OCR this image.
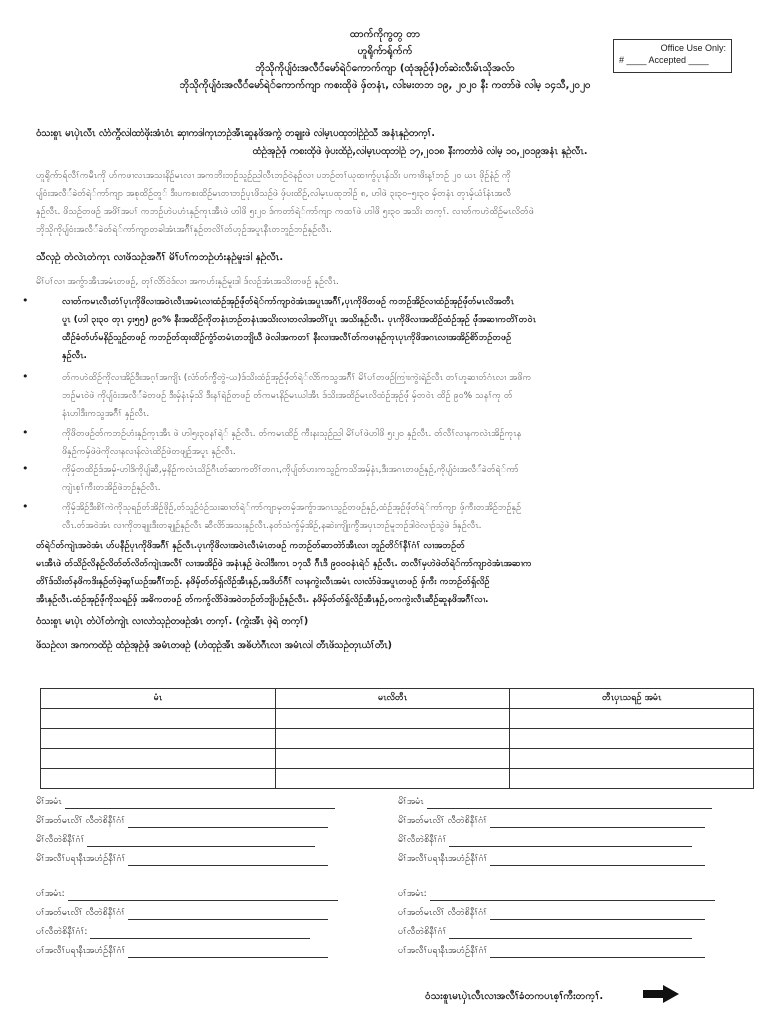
Office Use Only:
# ____ Accepted ____
ထာက်ကိုကွတ္ တာ
ဟူရိုက်ာရ်ုက်က်
ဘိုသိုကိုပျ်၀ံးအလီ်ံမော်ရဲ်ကောက်ကျာ (ထုံအုဉ်ဖ်ုံ)တ်ဆဲးလီးမ်ၤသိုအလ်ာ
ဘိုသိုကိုပျ်၀ံးအလီ်ံမော်ရဲ်ကောက်ကျာ ကစးထိုဖဲ ဖှ်တနံၤ, လါးမးတဘ ၁၉, ၂၀၂၀ နီး ကတာ်ဖဲ လါမ့ ၁၄သီ,၂၀၂၀
ဝံသးစူၤ မၤပှဲၤလီၤ လံာ်ကွ်ိလါထာ်ဖိုးအံၤဝံၤ ဆှၢကဒါကုၤဘဉ်အီၤဆူနဖိအကွ် တချုးဖဲ လါမ့ၤပထုဘါဉ်ဉ်သီ အနံၤနှဉ်တက့ၢ်.
ထံဉ်အုဉ်ဖ်ုံ ကစးထိုဖဲ ဖှ်ပးထိဉ်,လါမ့ၤပထုဘါဉ် ၁၇,၂၀၁၈ နီးကတာ်ဖဲ လါမ့ ၁၀,၂၀၁၉အနံၤ နှဉ်လီၤ.
ဟူရိုက်ာရ်လီၢ်ကမီၤကို ဟ်ကဖၢလၤအသးနိဉ်မၤလၢ အကဘိးဘဉ်သူဉ်ညါလီၤဘဉ်ဝဲနဉ်လၢ ပဘဉ်တၢ်ယုထၢကွ်ပုၤန်သိး ပကၢဖိးန့ၢ်ဘဉ် ၂၀ ယၤ ဖိုဉ်နံဉ် ကို
ပျ်၀ံးအလီ်ံခဲတ်ရဲ်ကာ်ကျာ အစုထိဉ်တူ် ဒီးပကစးထိဉ်မၤတၢဘဉ်ပုၤဖိသဉ်ဖဲ ဖှ်ပးထိဉ်,လါမ့ၤပထုဘါဉ် ၈, ဟါဖဲ ၃း၃၀–၅း၃၀ မှ်တနံၤ တုၤမှ်ယံၤ်နံၤအလီ
နှဉ်လီၤ. ဖိသဉ်တဖဉ် အဖိၢ်အပၢ် ကဘဉ်ဟဲပဟံၤနှဉ်ကုၤအီၤဖဲ ဟါဖိ ၅း၂၀ ဒ်ကတာ်ရဲ်ကာ်ကျာ ကထၢ်ဖဲ ဟါဖိ ၅း၃၀ အသိး တက့ၢ်. လၢတ်ကဟဲထိဉ်မၤလိတ်ဖဲ
ဘိုသိုကိုပျ်၀ံးအလီ်ံခဲတ်ရဲ်ကာ်ကျာတခါအံၤအဂ်ီၢ်နှဉ်တလိၢ်တ်ဟုဉ်အပူၤနီၤတဘူဉ်ဘဉ်နှဉ်လီၤ.
သီလှဉ် တ်လဲၤတ်ကုၤ လၢဖိသဉ်အဂ်ီၢ် မိၢ်ပၢ်ကဘဉ်ဟံးနဉ်မူးဒါ နှဉ်လီၤ.
မိၢ်ပၢ်လၢ အကွ်ာအီၤအမံၤတဖဉ်, တုၢ်လိာ်ဝဲဒ်လၢ အကဟ်းနှဉ်မူးဒါ ဒ်လဉ်အံၤအသိးတဖဉ် နှဉ်လီၤ.
•	လၢတ်ကမၤလီၤတံၢ်ပုၤကိုဖိလၢအဝဲၤလီၤအမံၤလၢထံဉ်အုဉ်ဖ်ုံတ်ရဲ်ကာ်ကျာဝဲအံၤအပူၤအဂ်ီၢ်,ပုၤကိုဖိတဖဉ် ကဘဉ်အိဉ်လၢထံဉ်အုဉ်ဖ်ုံတ်မၤလိအတီၤ
ပူၤ (ဟါ ၃း၃၀ တုၤ ၄း၅၅) ၉၀% နီးအထိဉ်ကိုတနံၤဘဉ်တနံၤအသိးလၢတလါအတိၢ်ပူၤ အသိးနှဉ်လီၤ. ပုၤကိုဖိလၢအထိဉ်ထံဉ်အုဉ် ဖ်ုံအဆၢကတိၢ်တဝဲၤ
ထီဉ်ခံတ်ဟ်မနိဉ်သူဉ်တဖဉ် ကဘဉ်တ်ထုးထိဉ်ကွံာ်တမံၤတဘျိဃီ ဖဲလါအကတၢ် နီးလၢအလီၢ်တ်ကဖၢနဉ်ကုၤပုၤကိုဖိအဂၤလၢအအိဉ်စိာ်ဘဉ်တဖဉ်
နှဉ်လီၤ.
•	တ်ကဟဲထိဉ်ကိုလၢအိဉ်ဒီးအဂ့ၢ်အကျိၤ (လံာ်တ်ကွ်ိတွဲ-ယ)ဒ်သိးထံဉ်အုဉ်ဖ်ုံတ်ရဲ်လိာ်ကသွအဂ်ီၢ် မိၢ်ပၢ်တဖဉ်ကြၢးကွဲးရဲဉ်လီၤ တၢ်ဟူဆၢတ်ဂံၤလၢ အဖိက
ဘဉ်မၤဝဲဖဲ ကိုပျ်၀ံးအလီ်ံခဲတဖဉ် ဒီးမှ်နံၤမှ်သိ ဒီးနၢ်ရဲဉ်တဖဉ် တ်ကမၤနိဉ်မၤယါအီၤ ဒ်သိးအထိဉ်မၤလိထံဉ်အုဉ်ဖ်ုံ မှ်တဝဲၤ ထိဉ် ၉၀% သနၢ်ကု တ်
နံၤဟါဒီးကသွအဂ်ီၢ် နှဉ်လီၤ.
•	ကိုဖိတဖဉ်တ်ကဘဉ်ဟံးနှဉ်ကုၤအီၤ ဖဲ ဟါ၅း၃၀နၢ်ရဲ် နှဉ်လီၤ. တ်ကမၤထိဉ် ကီးနးသုဉ်ညါ မိၢ်ပၢ်ဖဲဟါဖိ ၅း၂၀ နှဉ်လီၤ. တ်လီၢ်လၢနကလဲၤအိဉ်ကုၤန
ဖိနှဉ်ကမှ်ဖဲဖဲကိုလၢနလၢန်လဲၤထိဉ်ဖဲတဖျဉ်အပူၤ နှဉ်လီၤ.
•	ကိုမှ်တထိဉ်ဒ်အမှ်-ဟါဒိကိုပျ်ဆီ,မှနိဉ်ကလံၤသိဉ်ဂီၤတ်ဆာကတိၢ်တဂၤ,ကိုပျ်တ်ဟးကသွဉ်ကသိအမှ်နံၤ,ဒီးအဂၤတဖဉ်နှဉ်,ကိုပျ်၀ံးအလီ်ံခဲတ်ရဲ်ကာ်
ကျဲၤစ့ၢ်ကီးတအိဉ်ဖဲဘဉ်နှဉ်လီၤ.
•	ကိုမှ်အိဉ်ဒီးစိၢ်ကဲကိုသုရဉ်တ်အိဉ်ဖိုဉ်,တ်သူဉ်ဝံဉ်သးဆၢတ်ရဲ်ကာ်ကျာမှတမှ်အကွ်ာအဂၤသွဉ်တဖဉ်နှဉ်,ထံဉ်အုဉ်ဖ်ုံတ်ရဲ်ကာ်ကျာ ဖှ်ကီးတအိဉ်ဘဉ်နှဉ်
လီၤ.တ်အဝဲအံၤ လၢကိုတချုးဒီးတချုဉ်နှဉ်လီၤ ဆီလိာ်အသးနှဉ်လီၤ.နတ်သံကွ်မှ်အိဉ်,နဆဲးကျိုးကွ်ိအပုၤဘဉ်မူဘဉ်ဒါဝဲလၢဉ်သွဲဖဲ ဒ်နှဉ်လီၤ.
တ်ရဲ်တ်ကျဲၤအဝဲအံၤ ဟ်ပနီဉ်ပုၤကိုဖိအဂ်ီၢ် နှဉ်လီၤ.ပုၤကိုဖိလၢအဝဲၤလီၤမံၤတဖဉ် ကဘဉ်တ်ဆာတဲာ်အီၤလၢ ဘူဉ်တိ်ၢ်နီၢ်ဂံၢ် လၢအဘဉ်တ်
မၤအီၤဖဲ တ်သိဉ်လိနဉ်လိတ်တ်လိတ်ကျဲၤအလီၢ် လၢအအိဉ်ဖဲ အနံၤနှဉ် ဖဲလါဒီးကၤ ၁၇သီ ဂ်ီၤဒီ ၉၀၀၀နံၤရဲ် နှဉ်လီၤ. တလီၢ်မှဟဲဖဲတ်ရဲ်ကာ်ကျာဝဲအံၤအဆၢက
တိၢ်ဒ်သိးတ်နဖိကဒိးနှဉ်တ်ဖဲ့ဆ္ဂၢ်ယဉ်အဂ်ီၢ်ဘဉ်. နဖိမှ်တ်တ်ရှ်လိဉ်အီၤနှဉ်,အဒိဟ်ဂ်ီၢ် လၢနကွဲးလီၤအမံၤ လၢလံာ်ဖဲအပူၤတဖဉ် ဖှ်ကီး ကဘဉ်တ်ရှ်လိဉ်
အီၤနှဉ်လီၤ.ထံဉ်အုဉ်ဖ်ုံကိုသရဉ်ဖှ် အဓိကတဖဉ် တ်ကကွ်လိာ်ဖဲအဝဲဘဉ်တ်ဘျိပဉ်နှဉ်လီၤ. နဖိမှ်တ်တ်ရှ်လိဉ်အီၤနှဉ်,ဝကကွဲးလီၤဆီဉ်ဆူနဖိအဂ်ီၢ်လၢ.
ဝံသးစူၤ မၤပှဲၤ တ်ပဲၢ်တ်ကျဲၤ လၢလာ်သုဉ်တဖဉ်အံၤ တက့ၢ်. (ကွဲးအီၤ ဖှဲရဲ တက့ၢ်)
ဖိသဉ်လၢ အကကထိဉ် ထံဉ်အုဉ်ဖ်ုံ အမံၤတဖဉ် (ဟ်ထုဉ်အီၤ အဓိဟ်ဂ်ီၤလၢ အမံၤလါ တီၤဖိသဉ်တုၤယံၢ်တီၤ)
မံၤ	မၤလိတီၤ	တီၤပှၤသရဉ် အမံၤ

မိၢ်အမံၤ
မိၢ်အတ်မၤလိၢ် လီတဲစိနီၢ်ဂံၢ်
မိၢ်လီတဲစိနီၢ်ဂံၢ်
မိၢ်အလီၢ်ပရၢနီၤအဟံဉ်နီၢ်ဂံၢ်
မိၢ်အမံၤ
မိၢ်အတ်မၤလိၢ် လီတဲစိနီၢ်ဂံၢ်
မိၢ်လီတဲစိနီၢ်ဂံၢ်
မိၢ်အလီၢ်ပရၢနီၤအဟံဉ်နီၢ်ဂံၢ်
ပၢ်အမံၤ:
ပၢ်အတ်မၤလိၢ် လီတဲစိနီၢ်ဂံၢ်
ပၢ်လီတဲစိနီၢ်ဂံၢ်:
ပၢ်အလီၢ်ပရၢနီၤအဟံဉ်နီၢ်ဂံၢ်
ပၢ်အမံၤ:
ပၢ်အတ်မၤလိၢ် လီတဲစိနီၢ်ဂံၢ်
ပၢ်လီတဲစိနီၢ်ဂံၢ်
ပၢ်အလီၢ်ပရၢနီၤအဟံဉ်နီၢ်ဂံၢ်
ဝံသးစူၤမၤပှဲၤလီၤလၢအလီၢ်ခံတကပၤစ့ၢ်ကီးတက့ၢ်.
